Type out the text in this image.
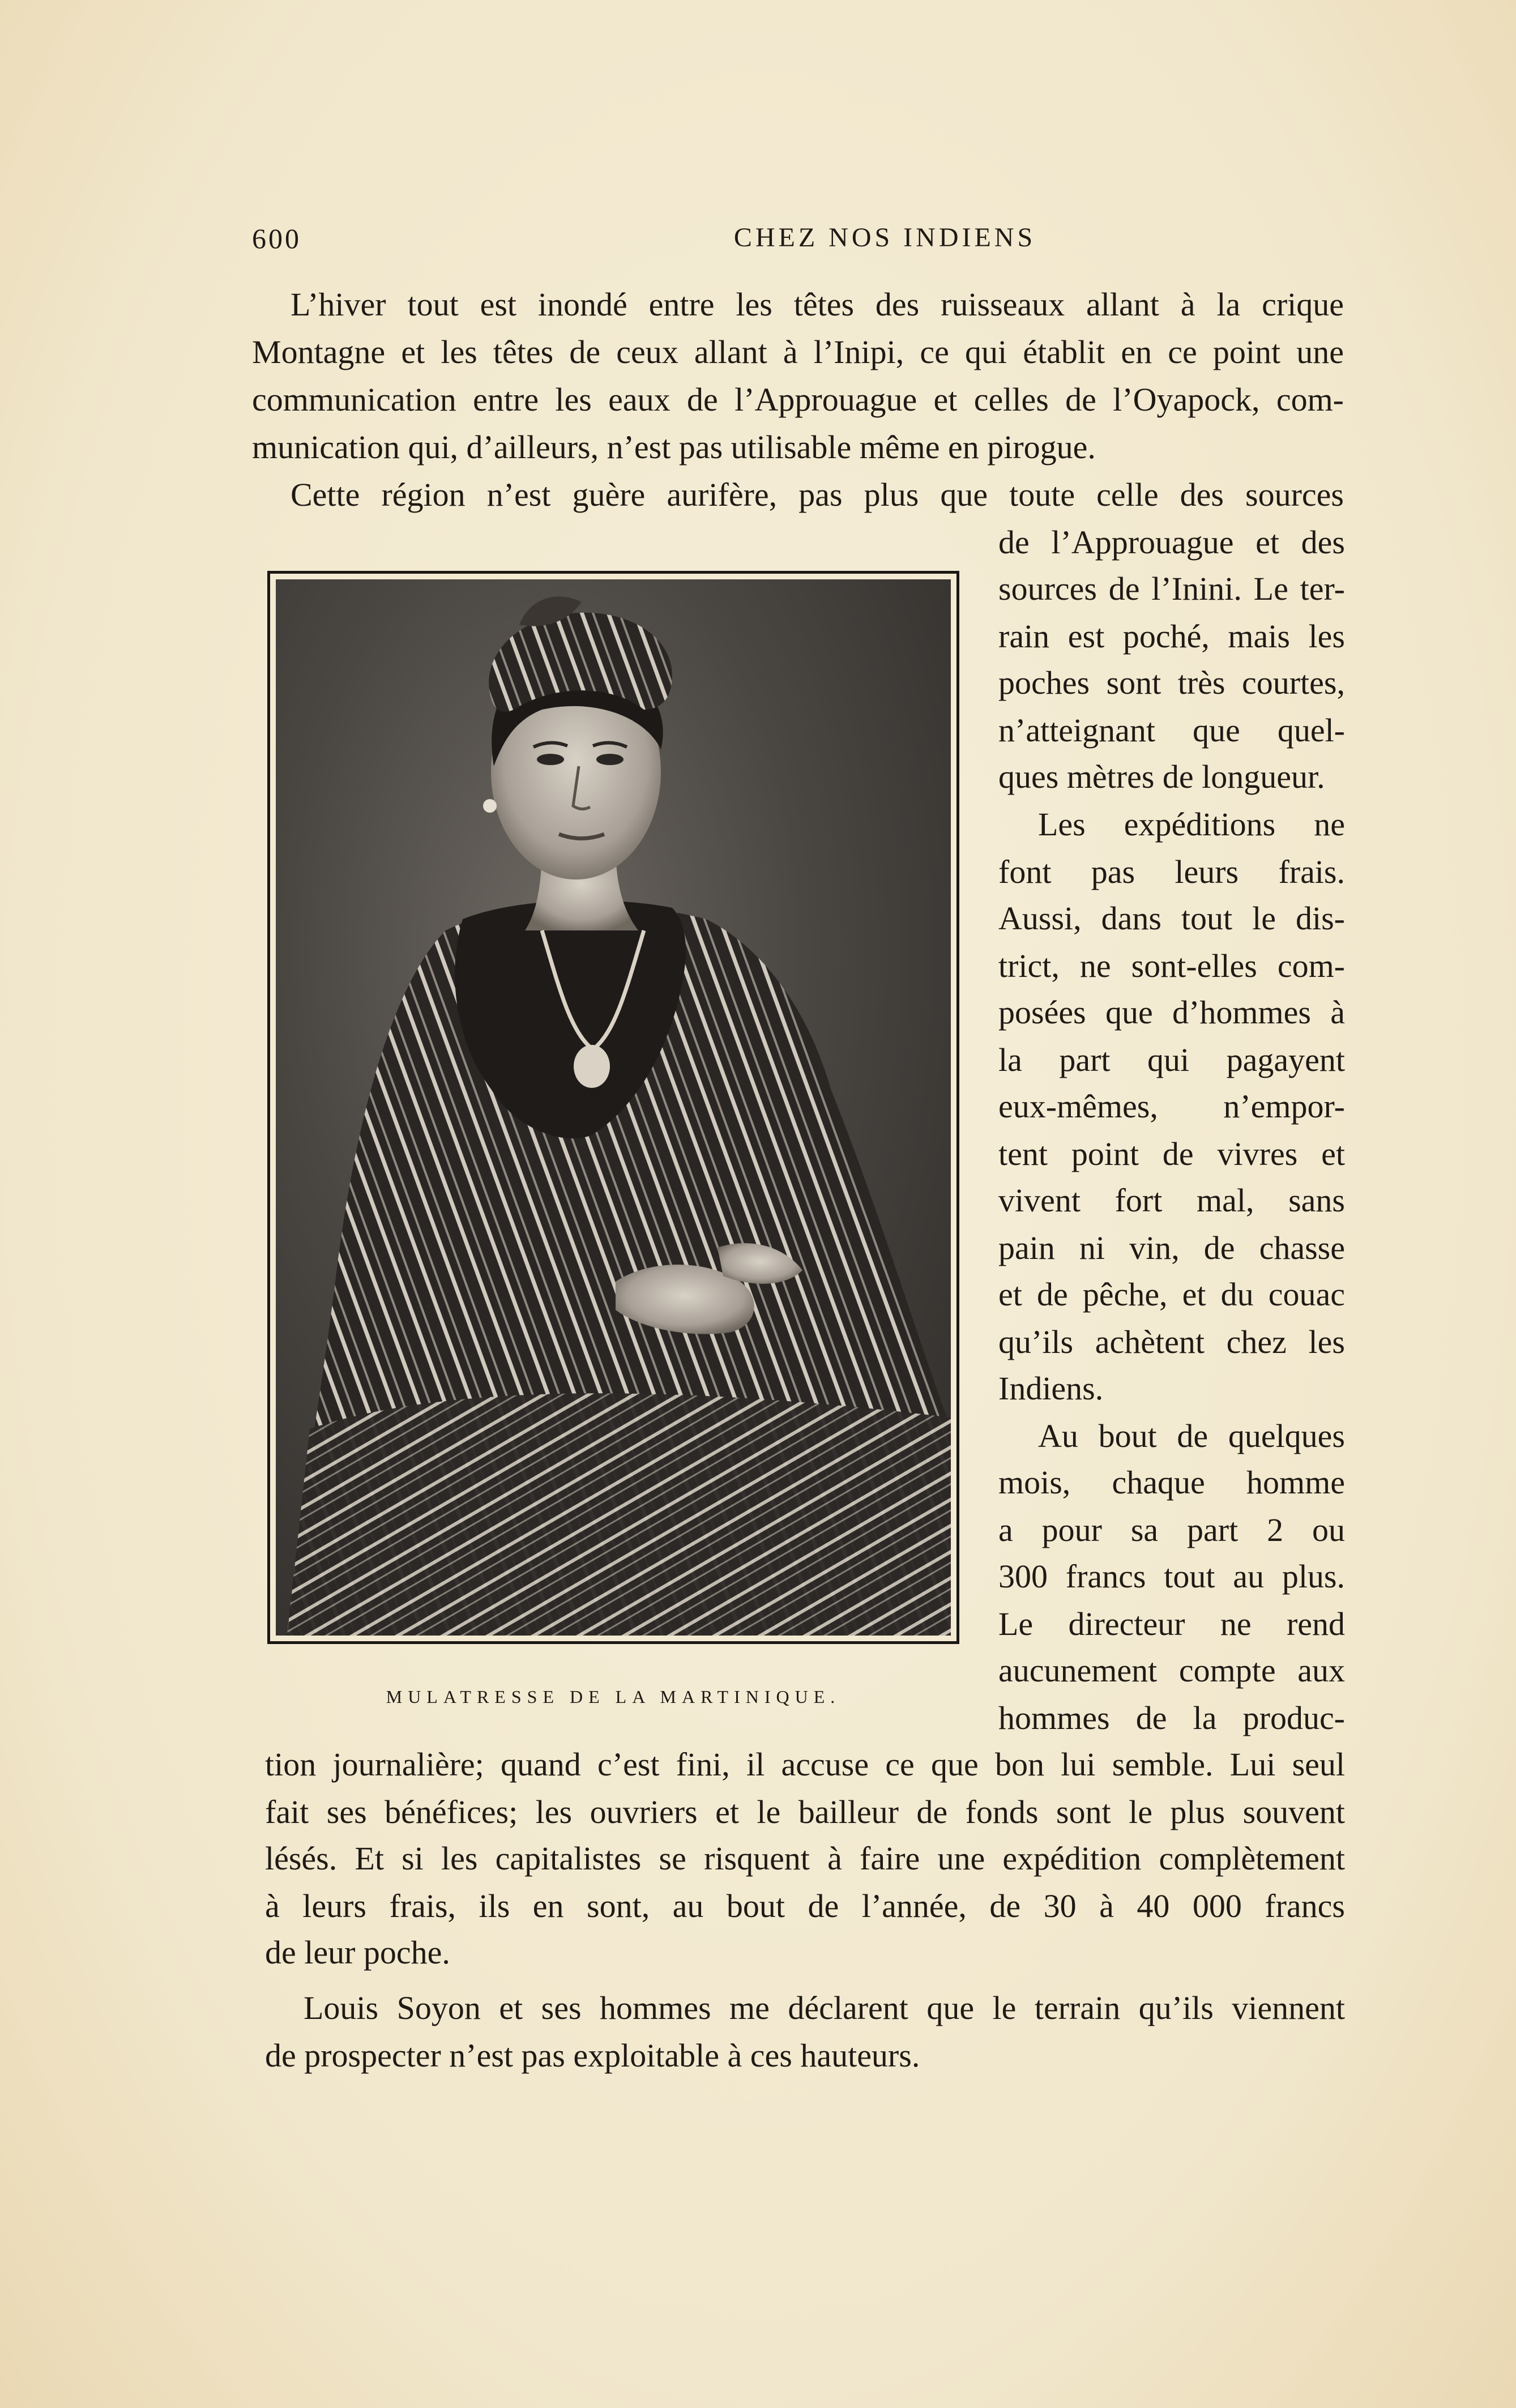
600	CHEZ NOS INDIENS
L’hiver tout est inondé entre les têtes des ruisseaux allant à la crique
Montagne et les têtes de ceux allant à l’Inipi, ce qui établit en ce point une
communication entre les eaux de l’Approuague et celles de l’Oyapock, com-
munication qui, d’ailleurs, n’est pas utilisable même en pirogue.
Cette région n’est guère aurifère, pas plus que toute celle des sources
de l’Approuague et des
sources de l’Inini. Le ter-
rain est poché, mais les
poches sont très courtes,
n’atteignant que quel-
ques mètres de longueur.
Les expéditions ne
font pas leurs frais.
Aussi, dans tout le dis-
trict, ne sont-elles com-
posées que d’hommes à
la part qui pagayent
eux-mêmes, n’empor-
tent point de vivres et
vivent fort mal, sans
pain ni vin, de chasse
et de pêche, et du couac
qu’ils achètent chez les
Indiens.
Au bout de quelques
mois, chaque homme
a pour sa part 2 ou
300 francs tout au plus.
Le directeur ne rend
aucunement compte aux
hommes de la produc-
tion journalière; quand c’est fini, il accuse ce que bon lui semble. Lui seul
fait ses bénéfices; les ouvriers et le bailleur de fonds sont le plus souvent
lésés. Et si les capitalistes se risquent à faire une expédition complètement
à leurs frais, ils en sont, au bout de l’année, de 30 à 40 000 francs
de leur poche.
Louis Soyon et ses hommes me déclarent que le terrain qu’ils viennent
de prospecter n’est pas exploitable à ces hauteurs.
MULATRESSE DE LA MARTINIQUE.
